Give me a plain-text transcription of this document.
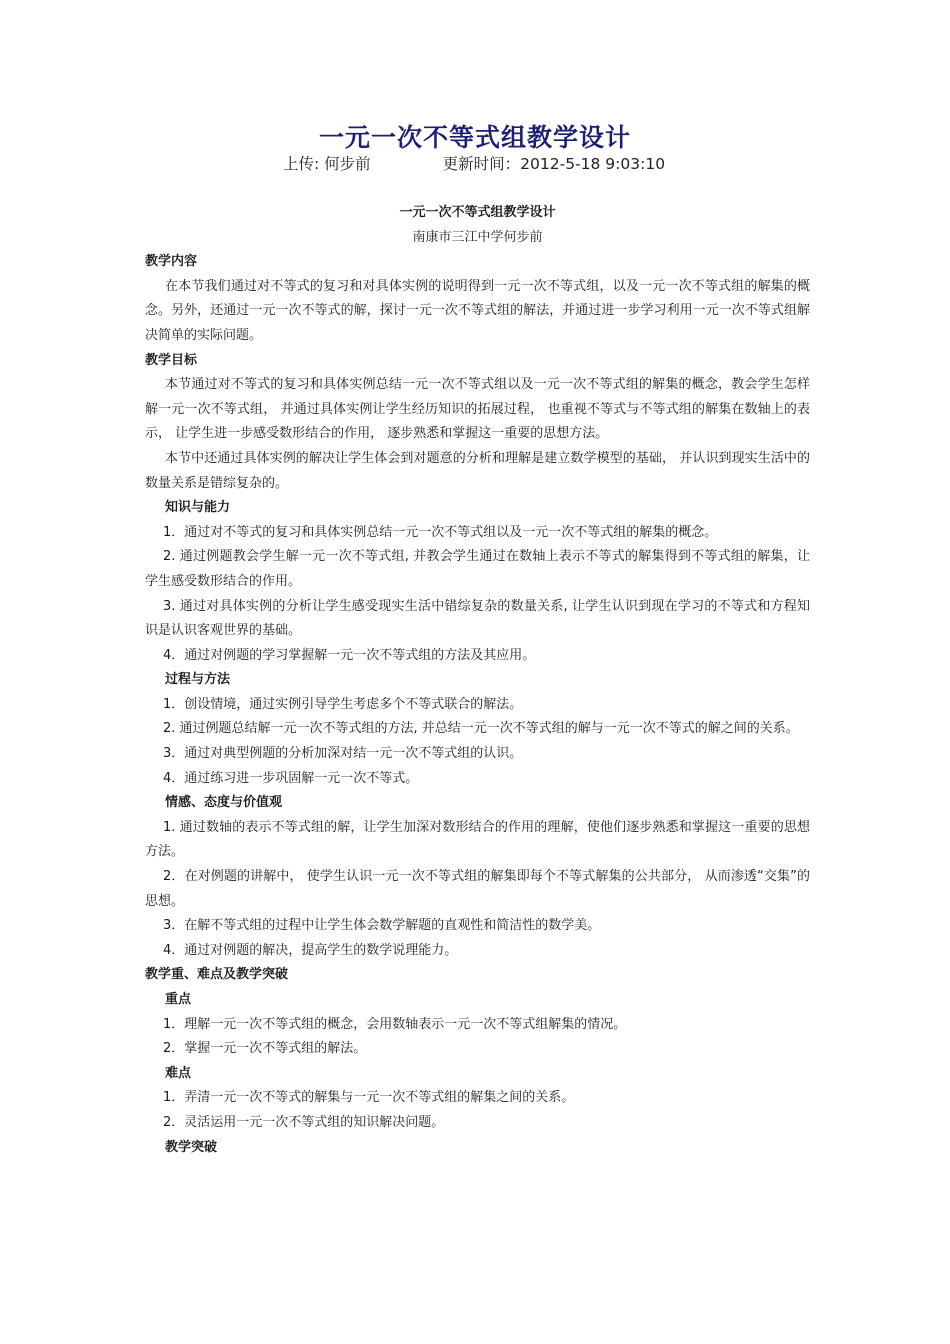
一元一次不等式组教学设计
上传: 何步前	更新时间：2012-5-18 9:03:10

一元一次不等式组教学设计

南康市三江中学何步前

教学内容

在本节我们通过对不等式的复习和对具体实例的说明得到一元一次不等式组，以及一元一次不等式组的解集的概念。另外，还通过一元一次不等式的解，探讨一元一次不等式组的解法，并通过进一步学习利用一元一次不等式组解决简单的实际问题。

教学目标

本节通过对不等式的复习和具体实例总结一元一次不等式组以及一元一次不等式组的解集的概念，教会学生怎样解一元一次不等式组， 并通过具体实例让学生经历知识的拓展过程， 也重视不等式与不等式组的解集在数轴上的表示， 让学生进一步感受数形结合的作用， 逐步熟悉和掌握这一重要的思想方法。

本节中还通过具体实例的解决让学生体会到对题意的分析和理解是建立数学模型的基础， 并认识到现实生活中的数量关系是错综复杂的。

知识与能力

1．通过对不等式的复习和具体实例总结一元一次不等式组以及一元一次不等式组的解集的概念。

2. 通过例题教会学生解一元一次不等式组, 并教会学生通过在数轴上表示不等式的解集得到不等式组的解集，让学生感受数形结合的作用。

3. 通过对具体实例的分析让学生感受现实生活中错综复杂的数量关系, 让学生认识到现在学习的不等式和方程知识是认识客观世界的基础。

4．通过对例题的学习掌握解一元一次不等式组的方法及其应用。

过程与方法

1．创设情境，通过实例引导学生考虑多个不等式联合的解法。

2. 通过例题总结解一元一次不等式组的方法, 并总结一元一次不等式组的解与一元一次不等式的解之间的关系。

3．通过对典型例题的分析加深对结一元一次不等式组的认识。

4．通过练习进一步巩固解一元一次不等式。

情感、态度与价值观

1. 通过数轴的表示不等式组的解，让学生加深对数形结合的作用的理解，使他们逐步熟悉和掌握这一重要的思想方法。

2．在对例题的讲解中， 使学生认识一元一次不等式组的解集即每个不等式解集的公共部分， 从而渗透“交集”的思想。

3．在解不等式组的过程中让学生体会数学解题的直观性和简洁性的数学美。

4．通过对例题的解决，提高学生的数学说理能力。

教学重、难点及教学突破

重点

1．理解一元一次不等式组的概念，会用数轴表示一元一次不等式组解集的情况。

2．掌握一元一次不等式组的解法。

难点

1．弄清一元一次不等式的解集与一元一次不等式组的解集之间的关系。

2．灵活运用一元一次不等式组的知识解决问题。

教学突破
